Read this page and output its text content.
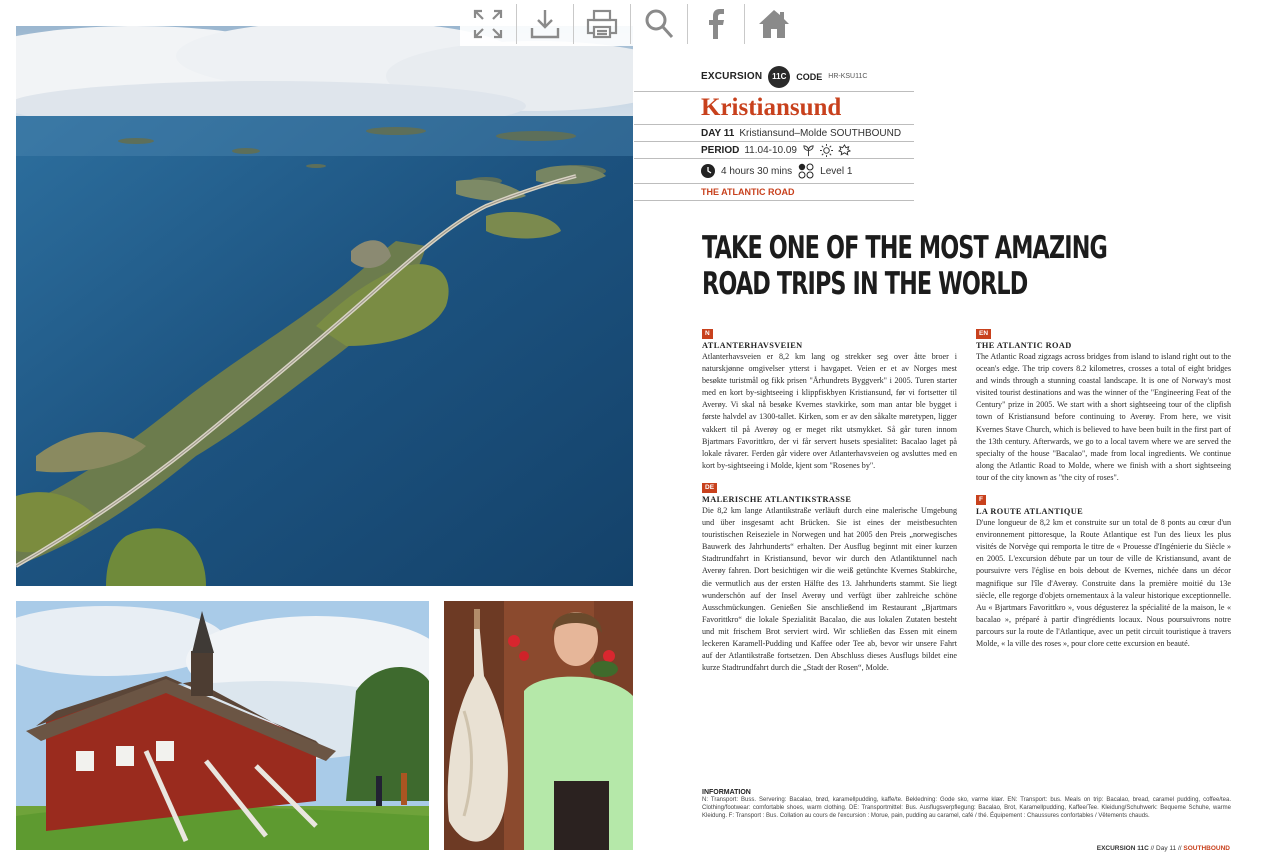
EXCURSION	11C	CODE HR-KSU11C
Kristiansund
DAY 11 Kristiansund–Molde SOUTHBOUND
PERIOD 11.04-10.09
4 hours 30 mins	Level 1
THE ATLANTIC ROAD
TAKE ONE OF THE MOST AMAZING
ROAD TRIPS IN THE WORLD
N
ATLANTERHAVSVEIEN

Atlanterhavsveien er 8,2 km lang og strekker seg over åtte broer i naturskjønne omgivelser ytterst i havgapet. Veien er et av Norges mest besøkte turistmål og fikk prisen "Århundrets Byggverk" i 2005. Turen starter med en kort by-sightseeing i klippfiskbyen Kristiansund, før vi fortsetter til Averøy. Vi skal nå besøke Kvernes stavkirke, som man antar ble bygget i første halvdel av 1300-tallet. Kirken, som er av den såkalte møretypen, ligger vakkert til på Averøy og er meget rikt utsmykket. Så går turen innom Bjartmars Favorittkro, der vi får servert husets spesialitet: Bacalao laget på lokale råvarer. Ferden går videre over Atlanterhavsveien og avsluttes med en kort by-sightseeing i Molde, kjent som "Rosenes by".

DE
MALERISCHE ATLANTIKSTRASSE

Die 8,2 km lange Atlantikstraße verläuft durch eine malerische Umgebung und über insgesamt acht Brücken. Sie ist eines der meistbesuchten touristischen Reiseziele in Norwegen und hat 2005 den Preis „norwegisches Bauwerk des Jahrhunderts“ erhalten. Der Ausflug beginnt mit einer kurzen Stadtrundfahrt in Kristiansund, bevor wir durch den Atlantiktunnel nach Averøy fahren. Dort besichtigen wir die weiß getünchte Kvernes Stabkirche, die vermutlich aus der ersten Hälfte des 13. Jahrhunderts stammt. Sie liegt wunderschön auf der Insel Averøy und verfügt über zahlreiche schöne Ausschmückungen. Genießen Sie anschließend im Restaurant „Bjartmars Favorittkro“ die lokale Spezialität Bacalao, die aus lokalen Zutaten besteht und mit frischem Brot serviert wird. Wir schließen das Essen mit einem leckeren Karamell-Pudding und Kaffee oder Tee ab, bevor wir unsere Fahrt auf der Atlantikstraße fortsetzen. Den Abschluss dieses Ausflugs bildet eine kurze Stadtrundfahrt durch die „Stadt der Rosen“, Molde.

EN
THE ATLANTIC ROAD

The Atlantic Road zigzags across bridges from island to island right out to the ocean's edge. The trip covers 8.2 kilometres, crosses a total of eight bridges and winds through a stunning coastal landscape. It is one of Norway's most visited tourist destinations and was the winner of the "Engineering Feat of the Century" prize in 2005. We start with a short sightseeing tour of the clipfish town of Kristiansund before continuing to Averøy. From here, we visit Kvernes Stave Church, which is believed to have been built in the first part of the 13th century. Afterwards, we go to a local tavern where we are served the specialty of the house "Bacalao", made from local ingredients. We continue along the Atlantic Road to Molde, where we finish with a short sightseeing tour of the city known as "the city of roses".

F
LA ROUTE ATLANTIQUE

D'une longueur de 8,2 km et construite sur un total de 8 ponts au cœur d'un environnement pittoresque, la Route Atlantique est l'un des lieux les plus visités de Norvège qui remporta le titre de « Prouesse d'Ingénierie du Siècle » en 2005. L'excursion débute par un tour de ville de Kristiansund, avant de poursuivre vers l'église en bois debout de Kvernes, nichée dans un décor magnifique sur l'île d'Averøy. Construite dans la première moitié du 13e siècle, elle regorge d'objets ornementaux à la valeur historique exceptionnelle. Au « Bjartmars Favorittkro », vous dégusterez la spécialité de la maison, le « bacalao », préparé à partir d'ingrédients locaux. Nous poursuivrons notre parcours sur la route de l'Atlantique, avec un petit circuit touristique à travers Molde, « la ville des roses », pour clore cette excursion en beauté.

INFORMATION
N: Transport: Buss. Servering: Bacalao, brød, karamellpudding, kaffe/te. Bekledning: Gode sko, varme klær. EN: Transport: bus. Meals on trip: Bacalao, bread, caramel pudding, coffee/tea. Clothing/footwear: comfortable shoes, warm clothing. DE: Transportmittel: Bus. Ausflugsverpflegung: Bacalao, Brot, Karamellpudding, Kaffee/Tee. Kleidung/Schuhwerk: Bequeme Schuhe, warme Kleidung. F: Transport : Bus. Collation au cours de l'excursion : Morue, pain, pudding au caramel, café / thé. Équipement : Chaussures confortables / Vêtements chauds.
EXCURSION 11C // Day 11 // SOUTHBOUND
